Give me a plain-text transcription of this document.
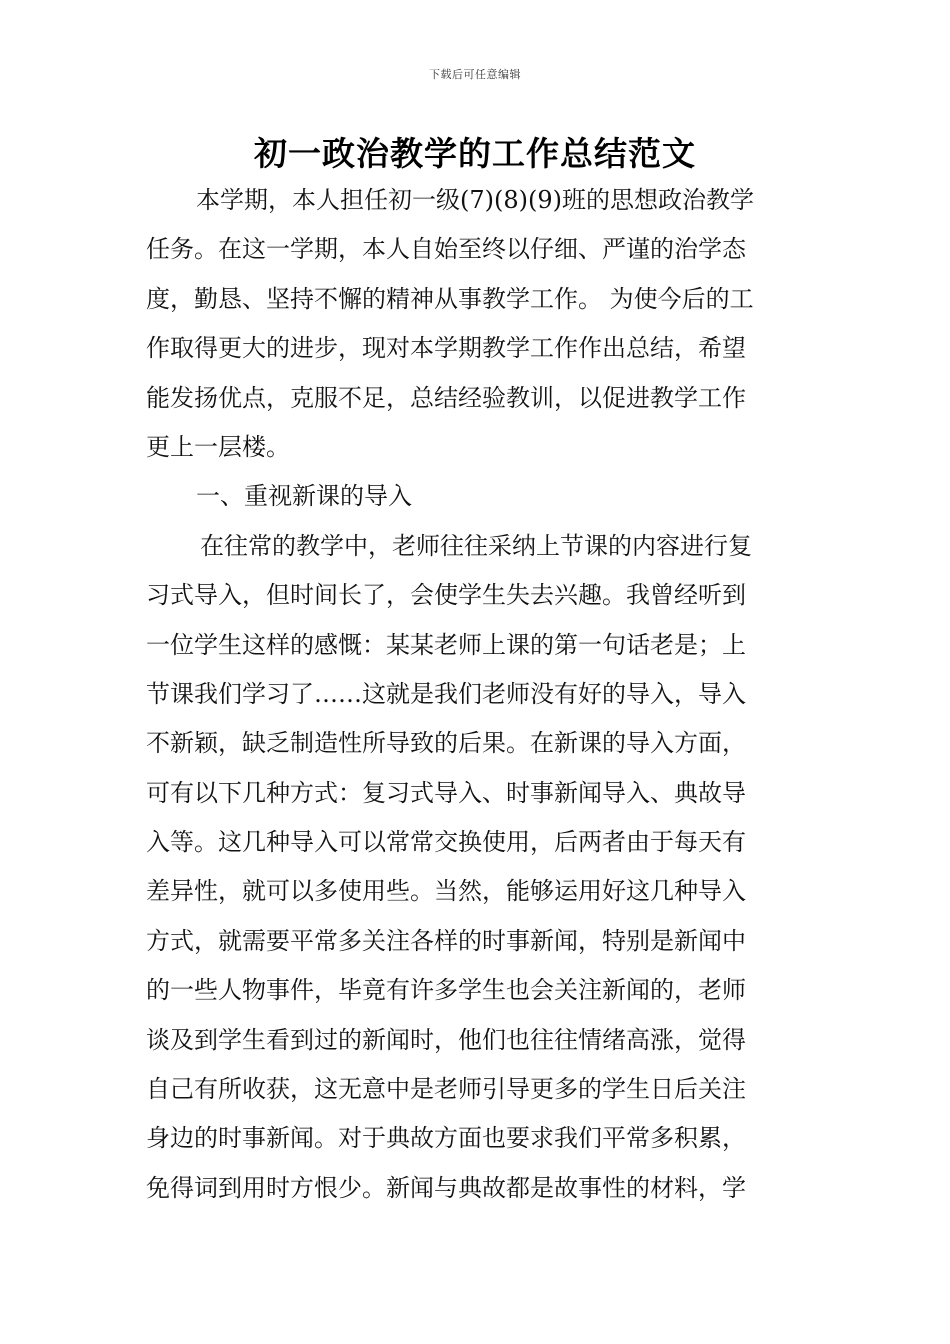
下载后可任意编辑
初一政治教学的工作总结范文
本学期，本人担任初一级(7)(8)(9)班的思想政治教学
任务。在这一学期，本人自始至终以仔细、严谨的治学态
度，勤恳、坚持不懈的精神从事教学工作。 为使今后的工
作取得更大的进步，现对本学期教学工作作出总结，希望
能发扬优点，克服不足，总结经验教训，以促进教学工作
更上一层楼。
一、重视新课的导入
在往常的教学中，老师往往采纳上节课的内容进行复
习式导入，但时间长了，会使学生失去兴趣。我曾经听到
一位学生这样的感慨：某某老师上课的第一句话老是；上
节课我们学习了……这就是我们老师没有好的导入，导入
不新颖，缺乏制造性所导致的后果。在新课的导入方面，
可有以下几种方式：复习式导入、时事新闻导入、典故导
入等。这几种导入可以常常交换使用，后两者由于每天有
差异性，就可以多使用些。当然，能够运用好这几种导入
方式，就需要平常多关注各样的时事新闻，特别是新闻中
的一些人物事件，毕竟有许多学生也会关注新闻的，老师
谈及到学生看到过的新闻时，他们也往往情绪高涨，觉得
自己有所收获，这无意中是老师引导更多的学生日后关注
身边的时事新闻。对于典故方面也要求我们平常多积累，
免得词到用时方恨少。新闻与典故都是故事性的材料，学
